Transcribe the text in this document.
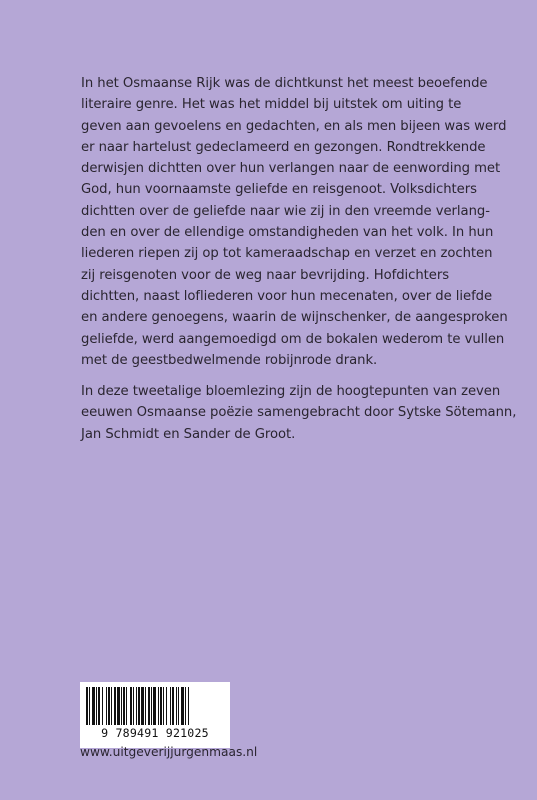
In het Osmaanse Rijk was de dichtkunst het meest beoefende
literaire genre. Het was het middel bij uitstek om uiting te
geven aan gevoelens en gedachten, en als men bijeen was werd
er naar hartelust gedeclameerd en gezongen. Rondtrekkende
derwisjen dichtten over hun verlangen naar de eenwording met
God, hun voornaamste geliefde en reisgenoot. Volksdichters
dichtten over de geliefde naar wie zij in den vreemde verlang-
den en over de ellendige omstandigheden van het volk. In hun
liederen riepen zij op tot kameraadschap en verzet en zochten
zij reisgenoten voor de weg naar bevrijding. Hofdichters
dichtten, naast lofliederen voor hun mecenaten, over de liefde
en andere genoegens, waarin de wijnschenker, de aangesproken
geliefde, werd aangemoedigd om de bokalen wederom te vullen
met de geestbedwelmende robijnrode drank.
In deze tweetalige bloemlezing zijn de hoogtepunten van zeven
eeuwen Osmaanse poëzie samengebracht door Sytske Sötemann,
Jan Schmidt en Sander de Groot.
9 789491 921025
www.uitgeverijjurgenmaas.nl
